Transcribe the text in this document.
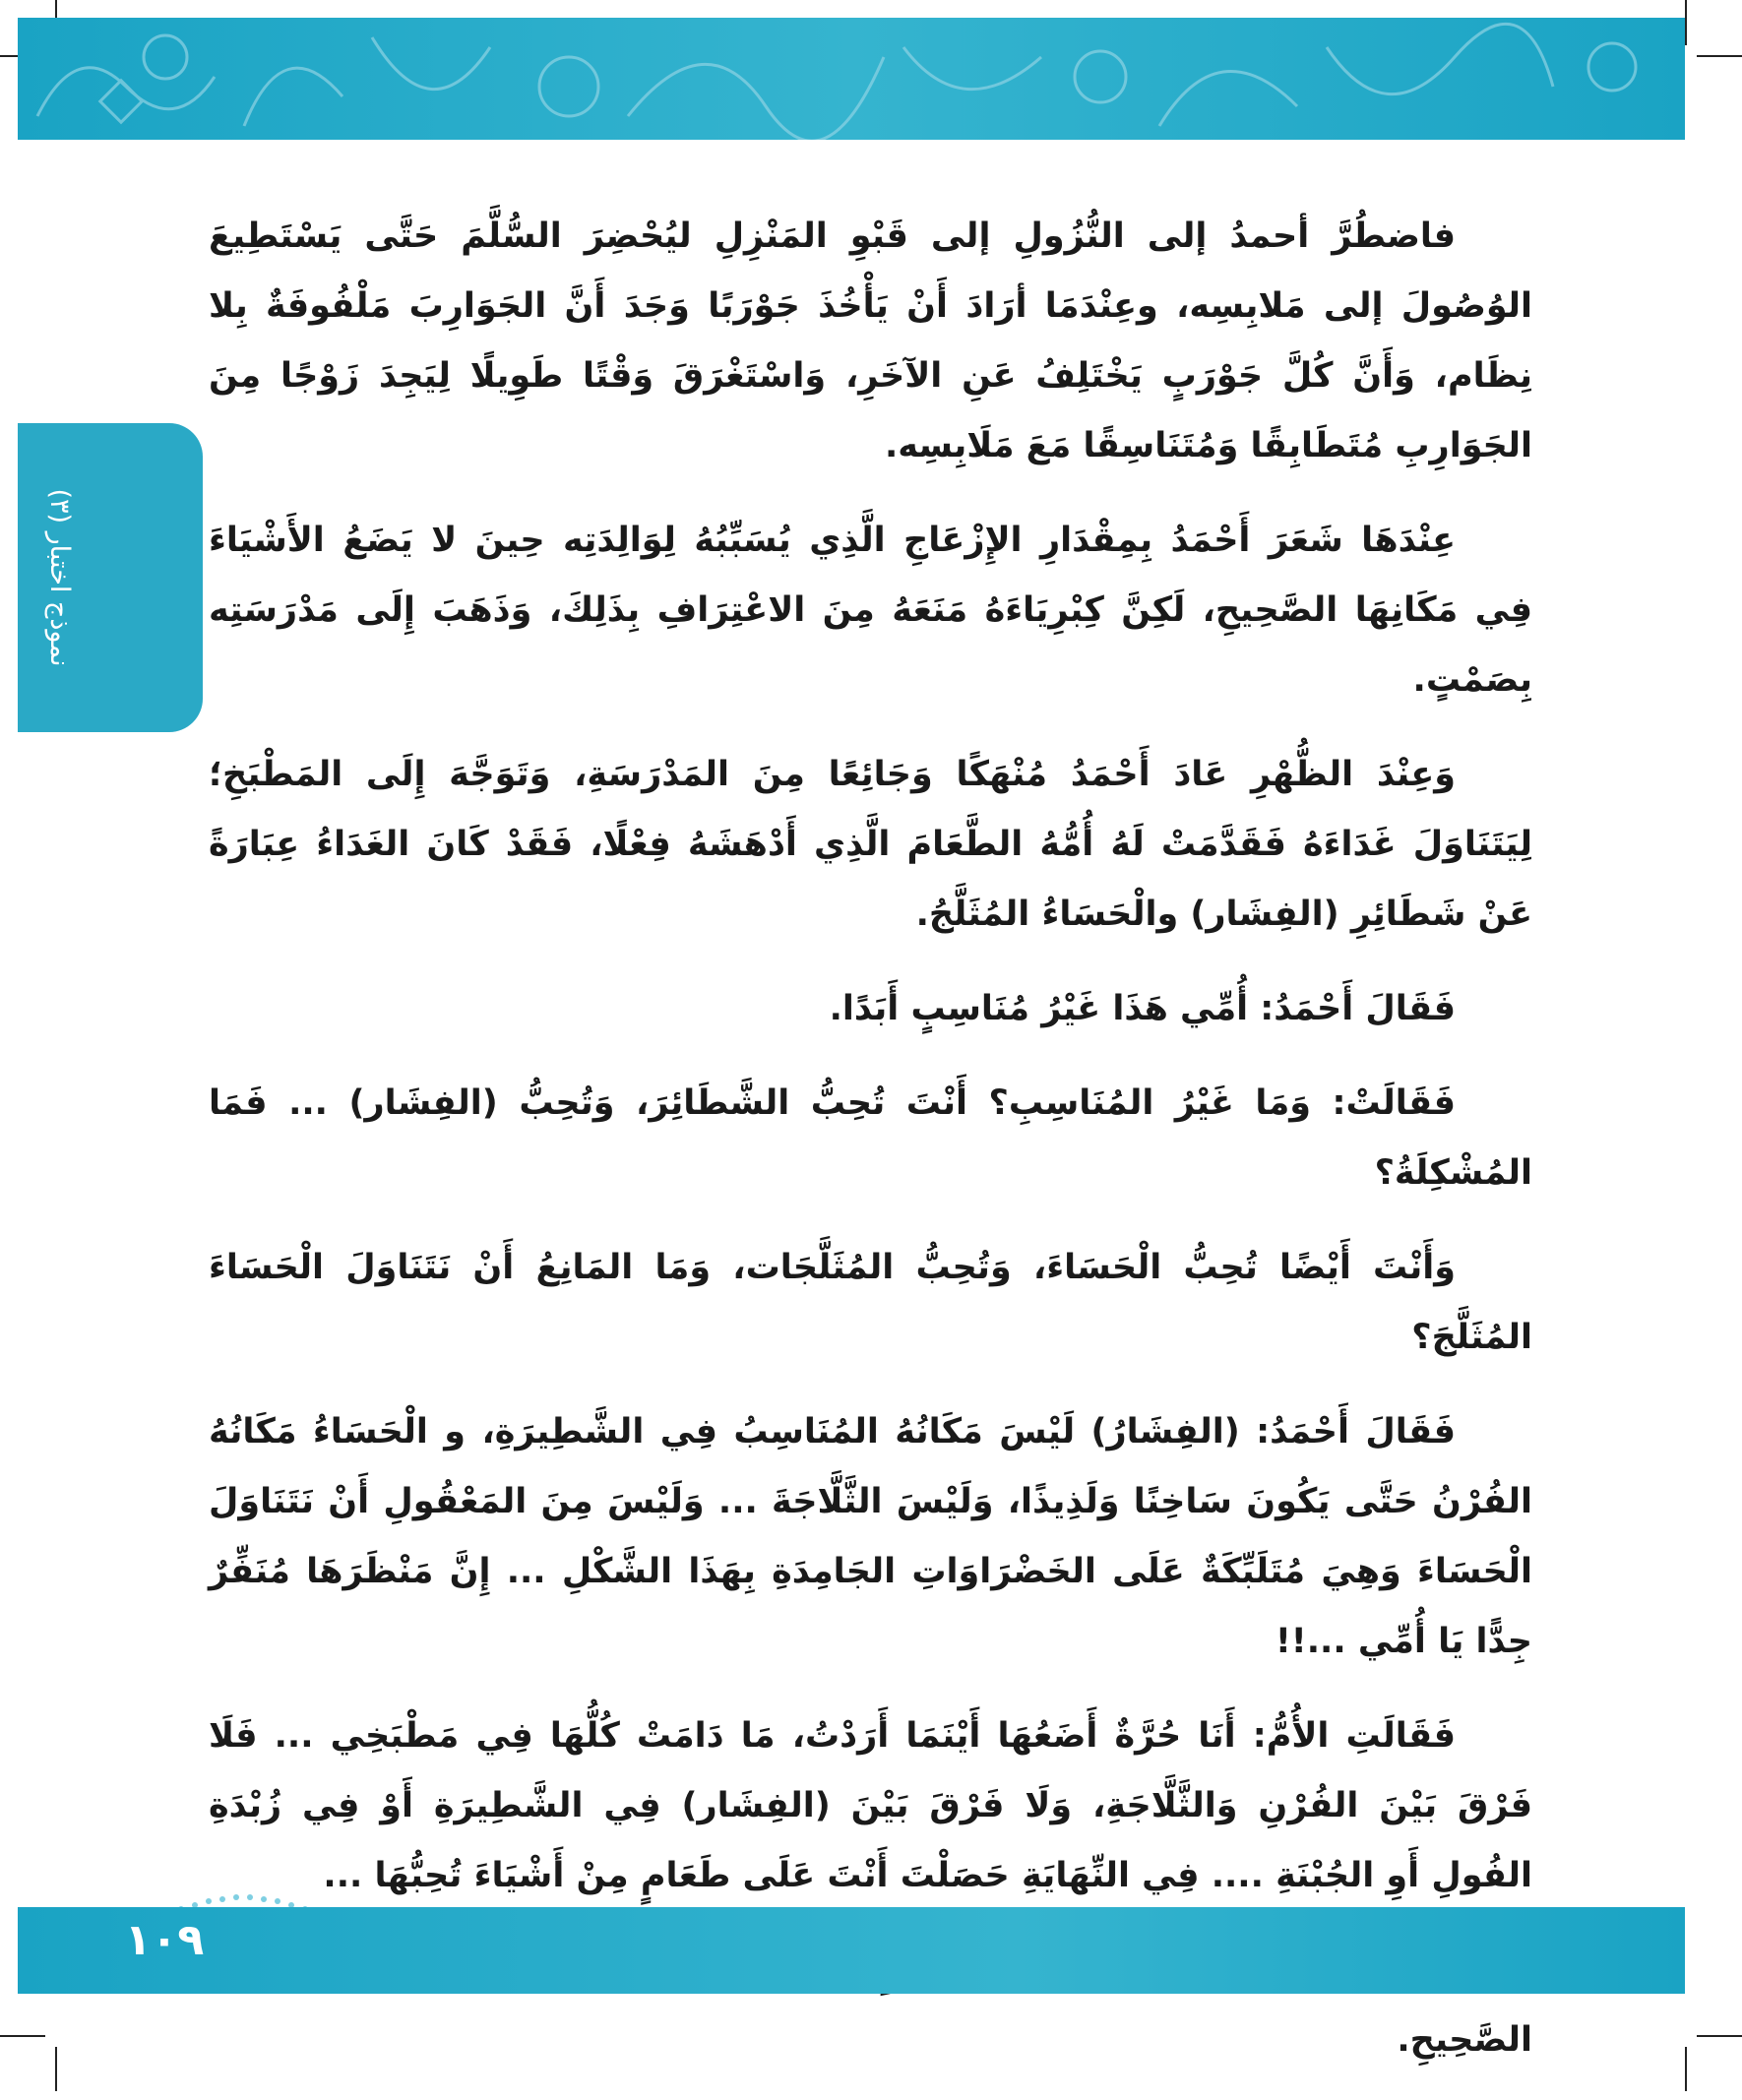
نموذج اختبار (٣)

فاضطُرَّ أحمدُ إلى النُّزُولِ إلى قَبْوِ المَنْزِلِ ليُحْضِرَ السُّلَّمَ حَتَّى يَسْتَطِيعَ الوُصُولَ إلى مَلابِسِه، وعِنْدَمَا أرَادَ أَنْ يَأْخُذَ جَوْرَبًا وَجَدَ أَنَّ الجَوَارِبَ مَلْفُوفَةٌ بِلا نِظَام، وَأَنَّ كُلَّ جَوْرَبٍ يَخْتَلِفُ عَنِ الآخَرِ، وَاسْتَغْرَقَ وَقْتًا طَوِيلًا لِيَجِدَ زَوْجًا مِنَ الجَوَارِبِ مُتَطَابِقًا وَمُتَنَاسِقًا مَعَ مَلَابِسِه.

عِنْدَهَا شَعَرَ أَحْمَدُ بِمِقْدَارِ الإِزْعَاجِ الَّذِي يُسَبِّبُهُ لِوَالِدَتِه حِينَ لا يَضَعُ الأَشْيَاءَ فِي مَكَانِهَا الصَّحِيحِ، لَكِنَّ كِبْرِيَاءَهُ مَنَعَهُ مِنَ الاعْتِرَافِ بِذَلِكَ، وَذَهَبَ إِلَى مَدْرَسَتِه بِصَمْتٍ.

وَعِنْدَ الظُّهْرِ عَادَ أَحْمَدُ مُنْهَكًا وَجَائِعًا مِنَ المَدْرَسَةِ، وَتَوَجَّهَ إِلَى المَطْبَخِ؛ لِيَتَنَاوَلَ غَدَاءَهُ فَقَدَّمَتْ لَهُ أُمُّهُ الطَّعَامَ الَّذِي أَدْهَشَهُ فِعْلًا، فَقَدْ كَانَ الغَدَاءُ عِبَارَةً عَنْ شَطَائِرِ (الفِشَار) والْحَسَاءُ المُثَلَّجُ.

فَقَالَ أَحْمَدُ: أُمِّي هَذَا غَيْرُ مُنَاسِبٍ أَبَدًا.

فَقَالَتْ: وَمَا غَيْرُ المُنَاسِبِ؟ أَنْتَ تُحِبُّ الشَّطَائِرَ، وَتُحِبُّ (الفِشَار) ... فَمَا المُشْكِلَةُ؟

وَأَنْتَ أَيْضًا تُحِبُّ الْحَسَاءَ، وَتُحِبُّ المُثَلَّجَات، وَمَا المَانِعُ أَنْ نَتَنَاوَلَ الْحَسَاءَ المُثَلَّجَ؟

فَقَالَ أَحْمَدُ: (الفِشَارُ) لَيْسَ مَكَانُهُ المُنَاسِبُ فِي الشَّطِيرَةِ، و الْحَسَاءُ مَكَانُهُ الفُرْنُ حَتَّى يَكُونَ سَاخِنًا وَلَذِيذًا، وَلَيْسَ الثَّلَّاجَةَ ... وَلَيْسَ مِنَ المَعْقُولِ أَنْ نَتَنَاوَلَ الْحَسَاءَ وَهِيَ مُتَلَبِّكَةٌ عَلَى الخَضْرَاوَاتِ الجَامِدَةِ بِهَذَا الشَّكْلِ ... إِنَّ مَنْظَرَهَا مُنَفِّرٌ جِدًّا يَا أُمِّي ...!!

فَقَالَتِ الأُمُّ: أَنَا حُرَّةٌ أَضَعُهَا أَيْنَمَا أَرَدْتُ، مَا دَامَتْ كُلُّهَا فِي مَطْبَخِي ... فَلَا فَرْقَ بَيْنَ الفُرْنِ وَالثَّلَّاجَةِ، وَلَا فَرْقَ بَيْنَ (الفِشَار) فِي الشَّطِيرَةِ أَوْ فِي زُبْدَةِ الفُولِ أَوِ الجُبْنَةِ .... فِي النِّهَايَةِ حَصَلْتَ أَنْتَ عَلَى طَعَامٍ مِنْ أَشْيَاءَ تُحِبُّهَا ...

الصَّحِيحِ.

١٠٩
